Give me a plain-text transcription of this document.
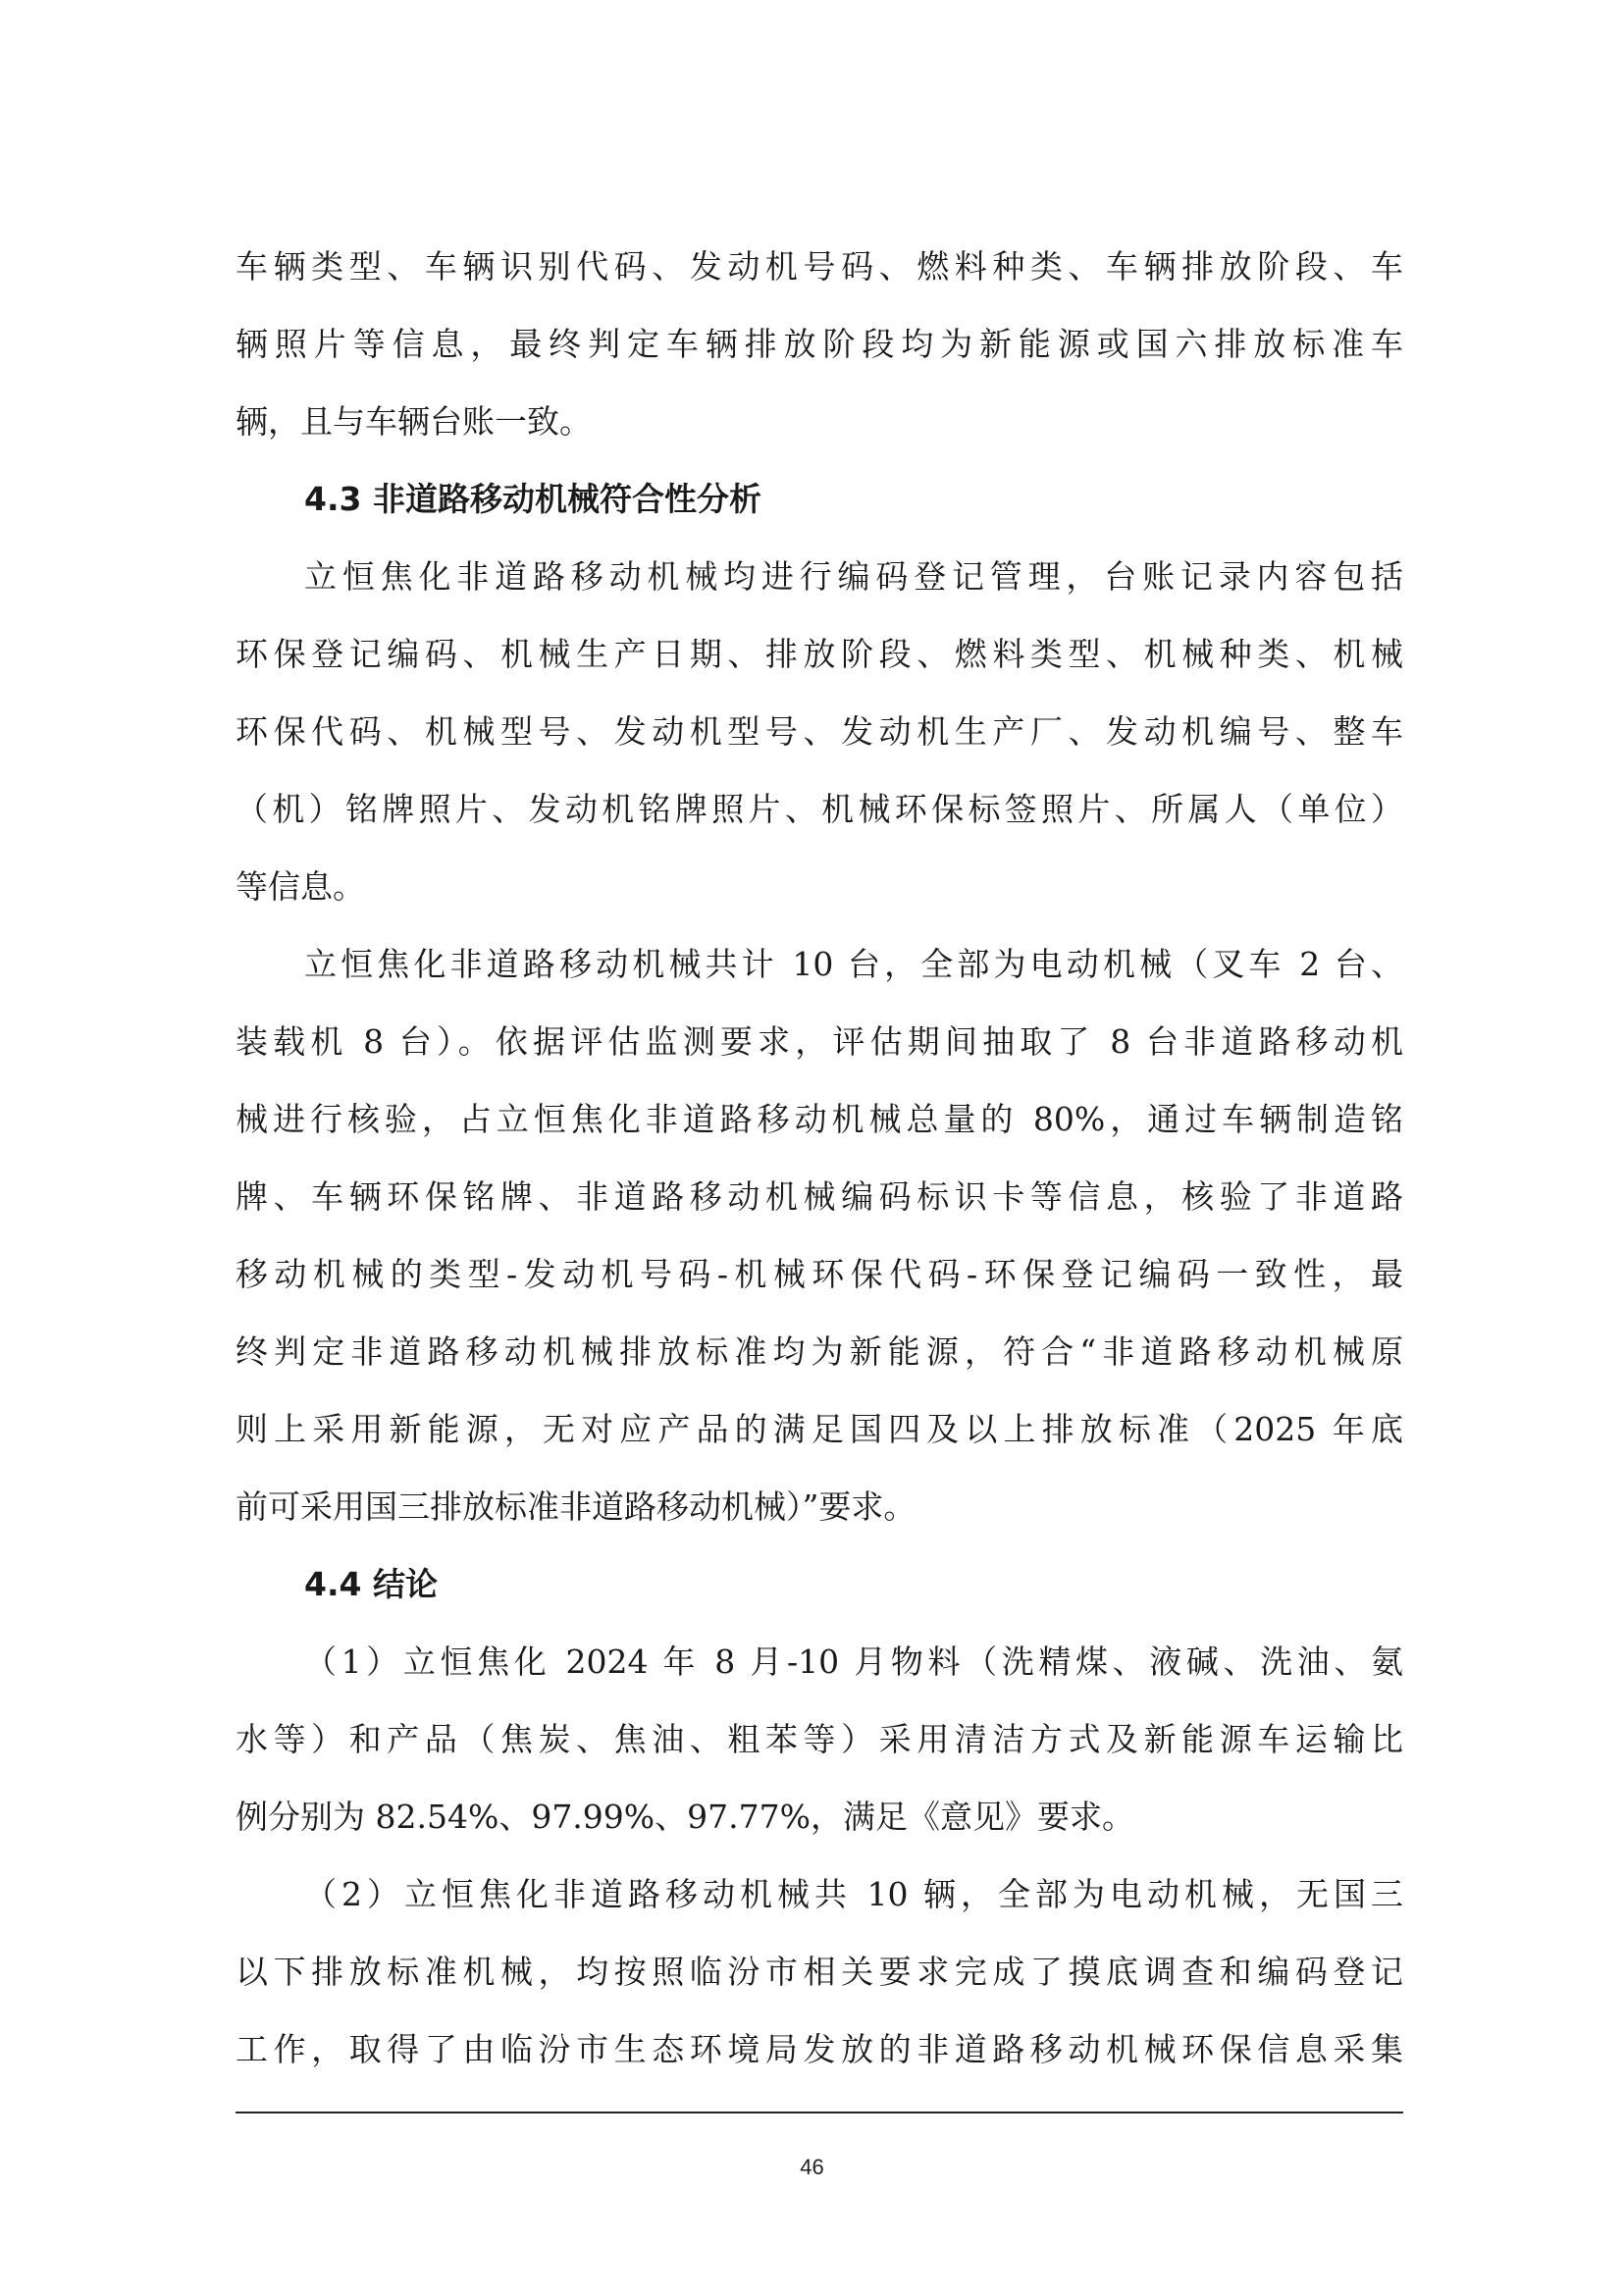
车辆类型、车辆识别代码、发动机号码、燃料种类、车辆排放阶段、车
辆照片等信息，最终判定车辆排放阶段均为新能源或国六排放标准车
辆，且与车辆台账一致。
4.3 非道路移动机械符合性分析
立恒焦化非道路移动机械均进行编码登记管理，台账记录内容包括
环保登记编码、机械生产日期、排放阶段、燃料类型、机械种类、机械
环保代码、机械型号、发动机型号、发动机生产厂、发动机编号、整车
（机）铭牌照片、发动机铭牌照片、机械环保标签照片、所属人（单位）
等信息。
立恒焦化非道路移动机械共计 10 台，全部为电动机械（叉车 2 台、
装载机 8 台）。依据评估监测要求，评估期间抽取了 8 台非道路移动机
械进行核验，占立恒焦化非道路移动机械总量的 80%，通过车辆制造铭
牌、车辆环保铭牌、非道路移动机械编码标识卡等信息，核验了非道路
移动机械的类型-发动机号码-机械环保代码-环保登记编码一致性，最
终判定非道路移动机械排放标准均为新能源，符合“非道路移动机械原
则上采用新能源，无对应产品的满足国四及以上排放标准（2025 年底
前可采用国三排放标准非道路移动机械）”要求。
4.4 结论
（1）立恒焦化 2024 年 8 月-10 月物料（洗精煤、液碱、洗油、氨
水等）和产品（焦炭、焦油、粗苯等）采用清洁方式及新能源车运输比
例分别为 82.54%、97.99%、97.77%，满足《意见》要求。
（2）立恒焦化非道路移动机械共 10 辆，全部为电动机械，无国三
以下排放标准机械，均按照临汾市相关要求完成了摸底调查和编码登记
工作，取得了由临汾市生态环境局发放的非道路移动机械环保信息采集
46
